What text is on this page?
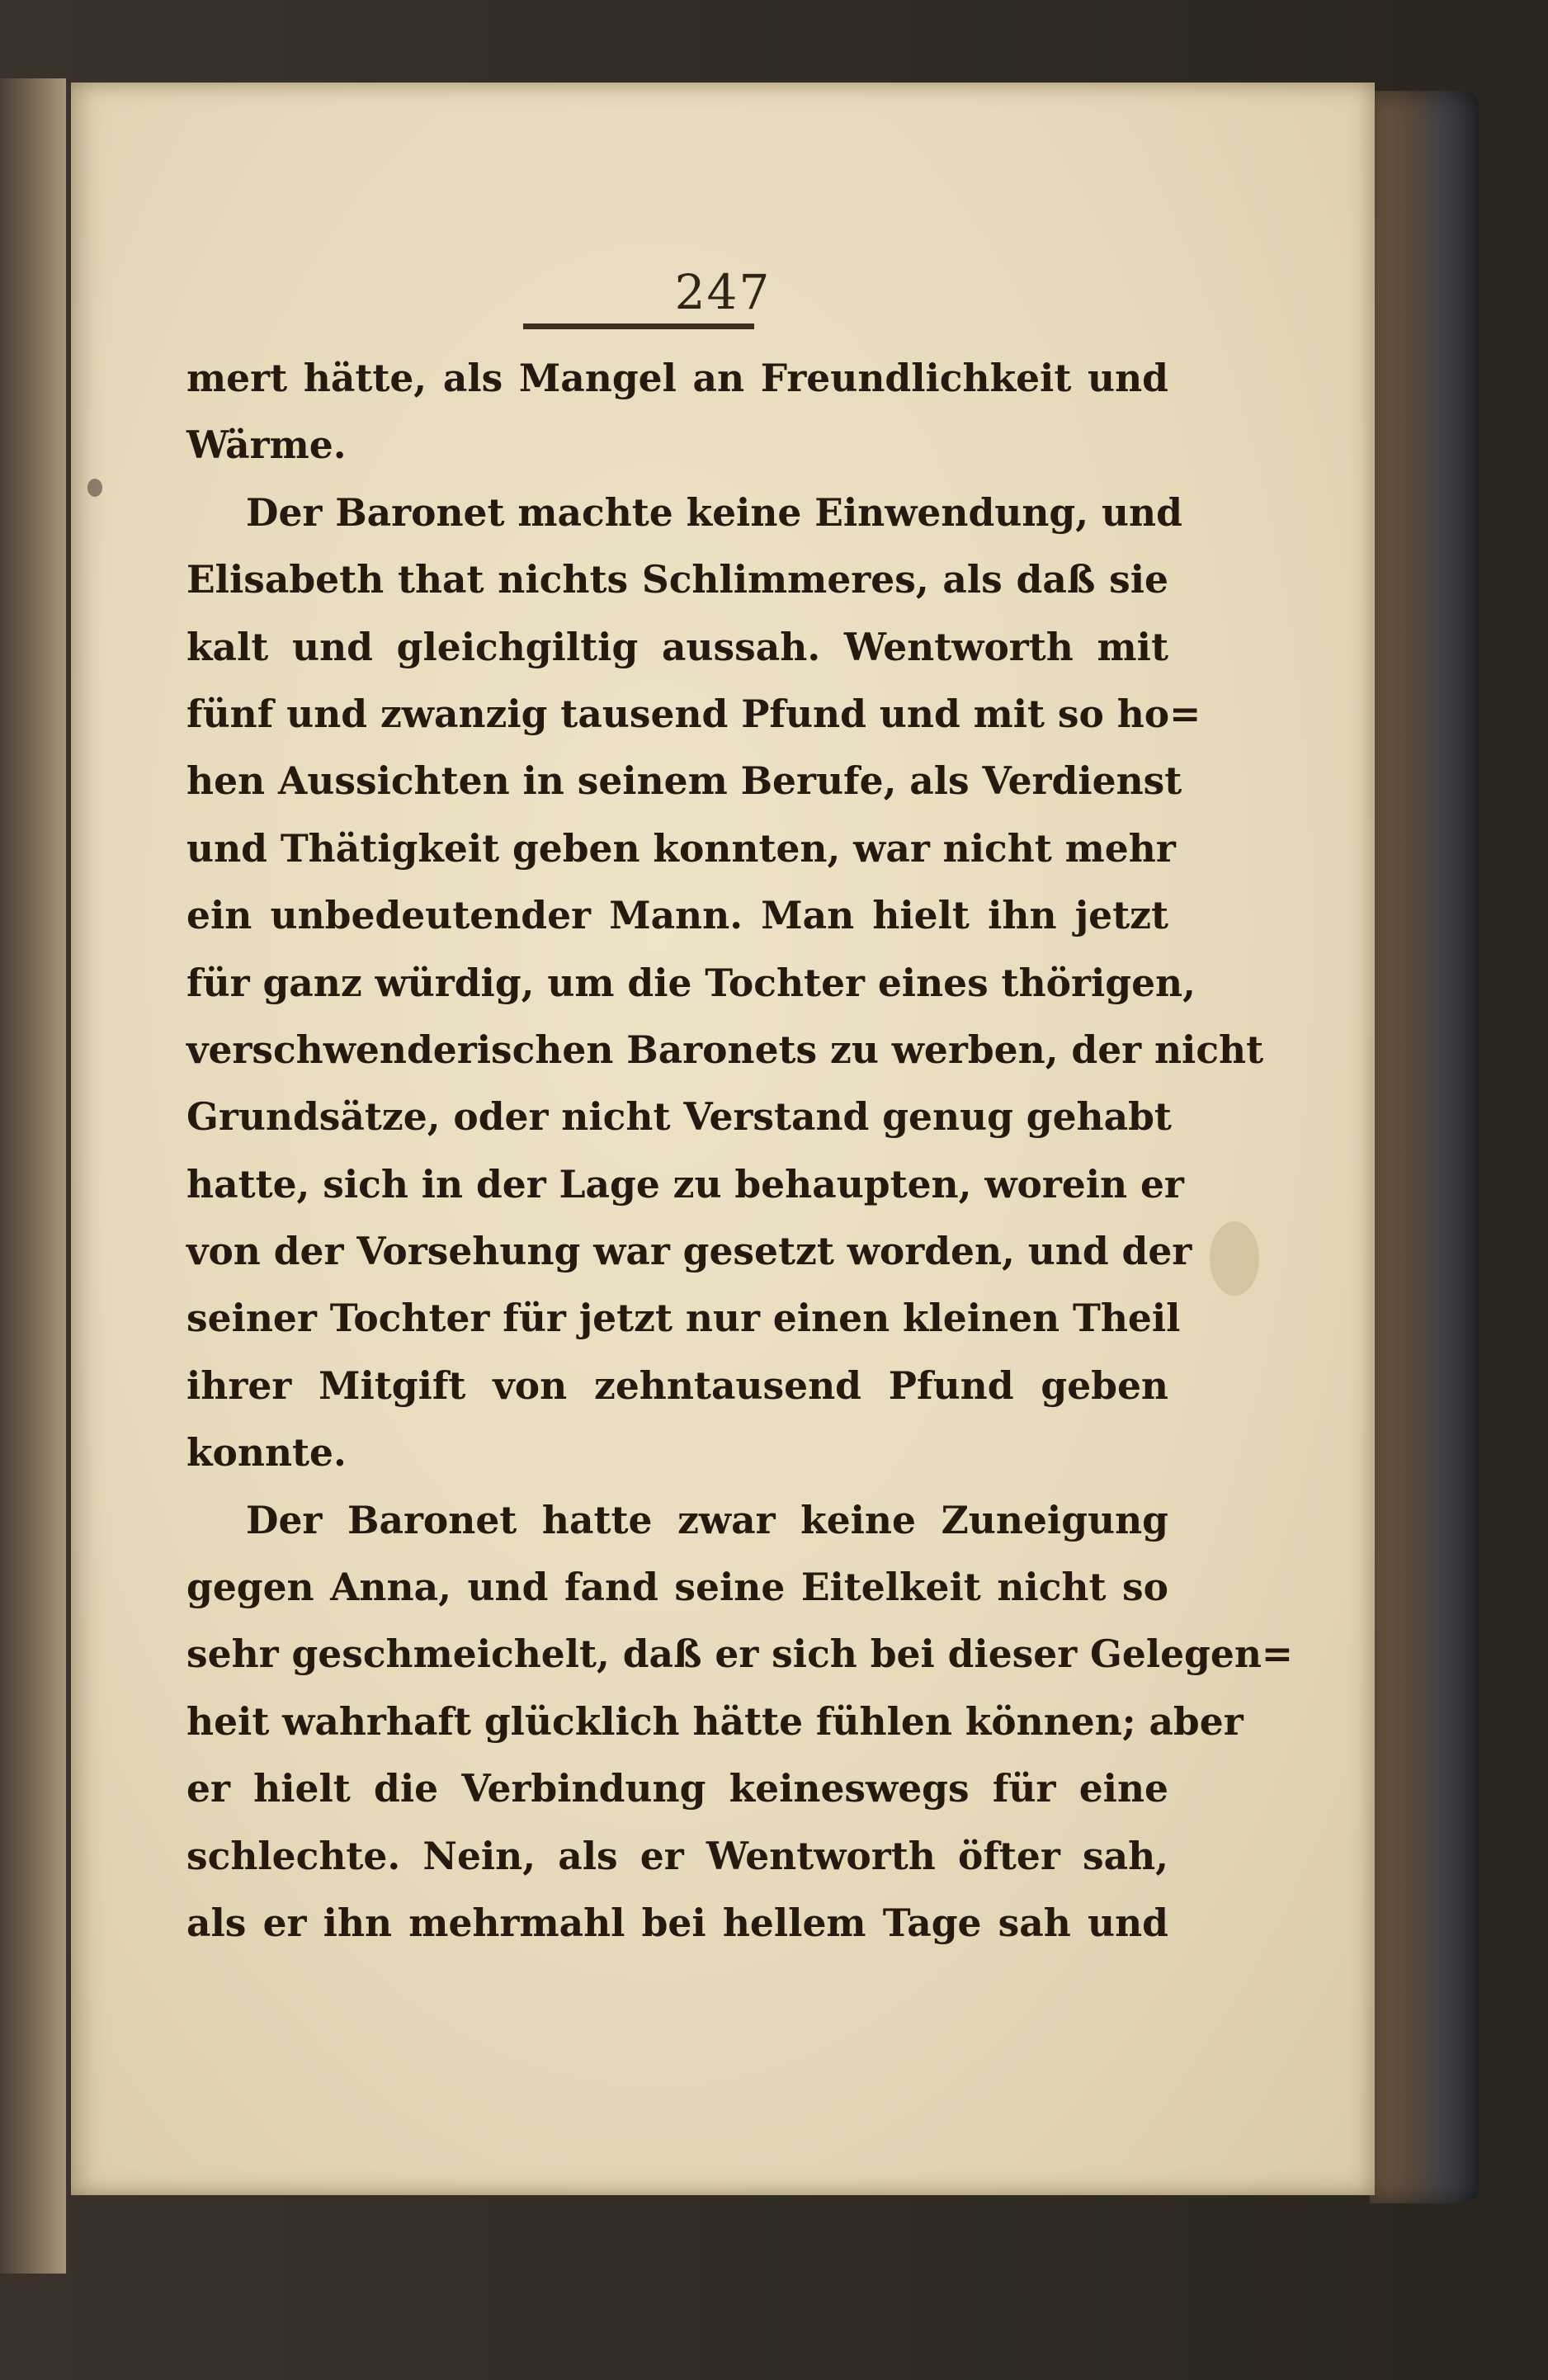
247
mert hätte, als Mangel an Freundlichkeit und
Wärme.
Der Baronet machte keine Einwendung, und
Elisabeth that nichts Schlimmeres, als daß sie
kalt und gleichgiltig aussah. Wentworth mit
fünf und zwanzig tausend Pfund und mit so ho=
hen Aussichten in seinem Berufe, als Verdienst
und Thätigkeit geben konnten, war nicht mehr
ein unbedeutender Mann. Man hielt ihn jetzt
für ganz würdig, um die Tochter eines thörigen,
verschwenderischen Baronets zu werben, der nicht
Grundsätze, oder nicht Verstand genug gehabt
hatte, sich in der Lage zu behaupten, worein er
von der Vorsehung war gesetzt worden, und der
seiner Tochter für jetzt nur einen kleinen Theil
ihrer Mitgift von zehntausend Pfund geben
konnte.
Der Baronet hatte zwar keine Zuneigung
gegen Anna, und fand seine Eitelkeit nicht so
sehr geschmeichelt, daß er sich bei dieser Gelegen=
heit wahrhaft glücklich hätte fühlen können; aber
er hielt die Verbindung keineswegs für eine
schlechte. Nein, als er Wentworth öfter sah,
als er ihn mehrmahl bei hellem Tage sah und
